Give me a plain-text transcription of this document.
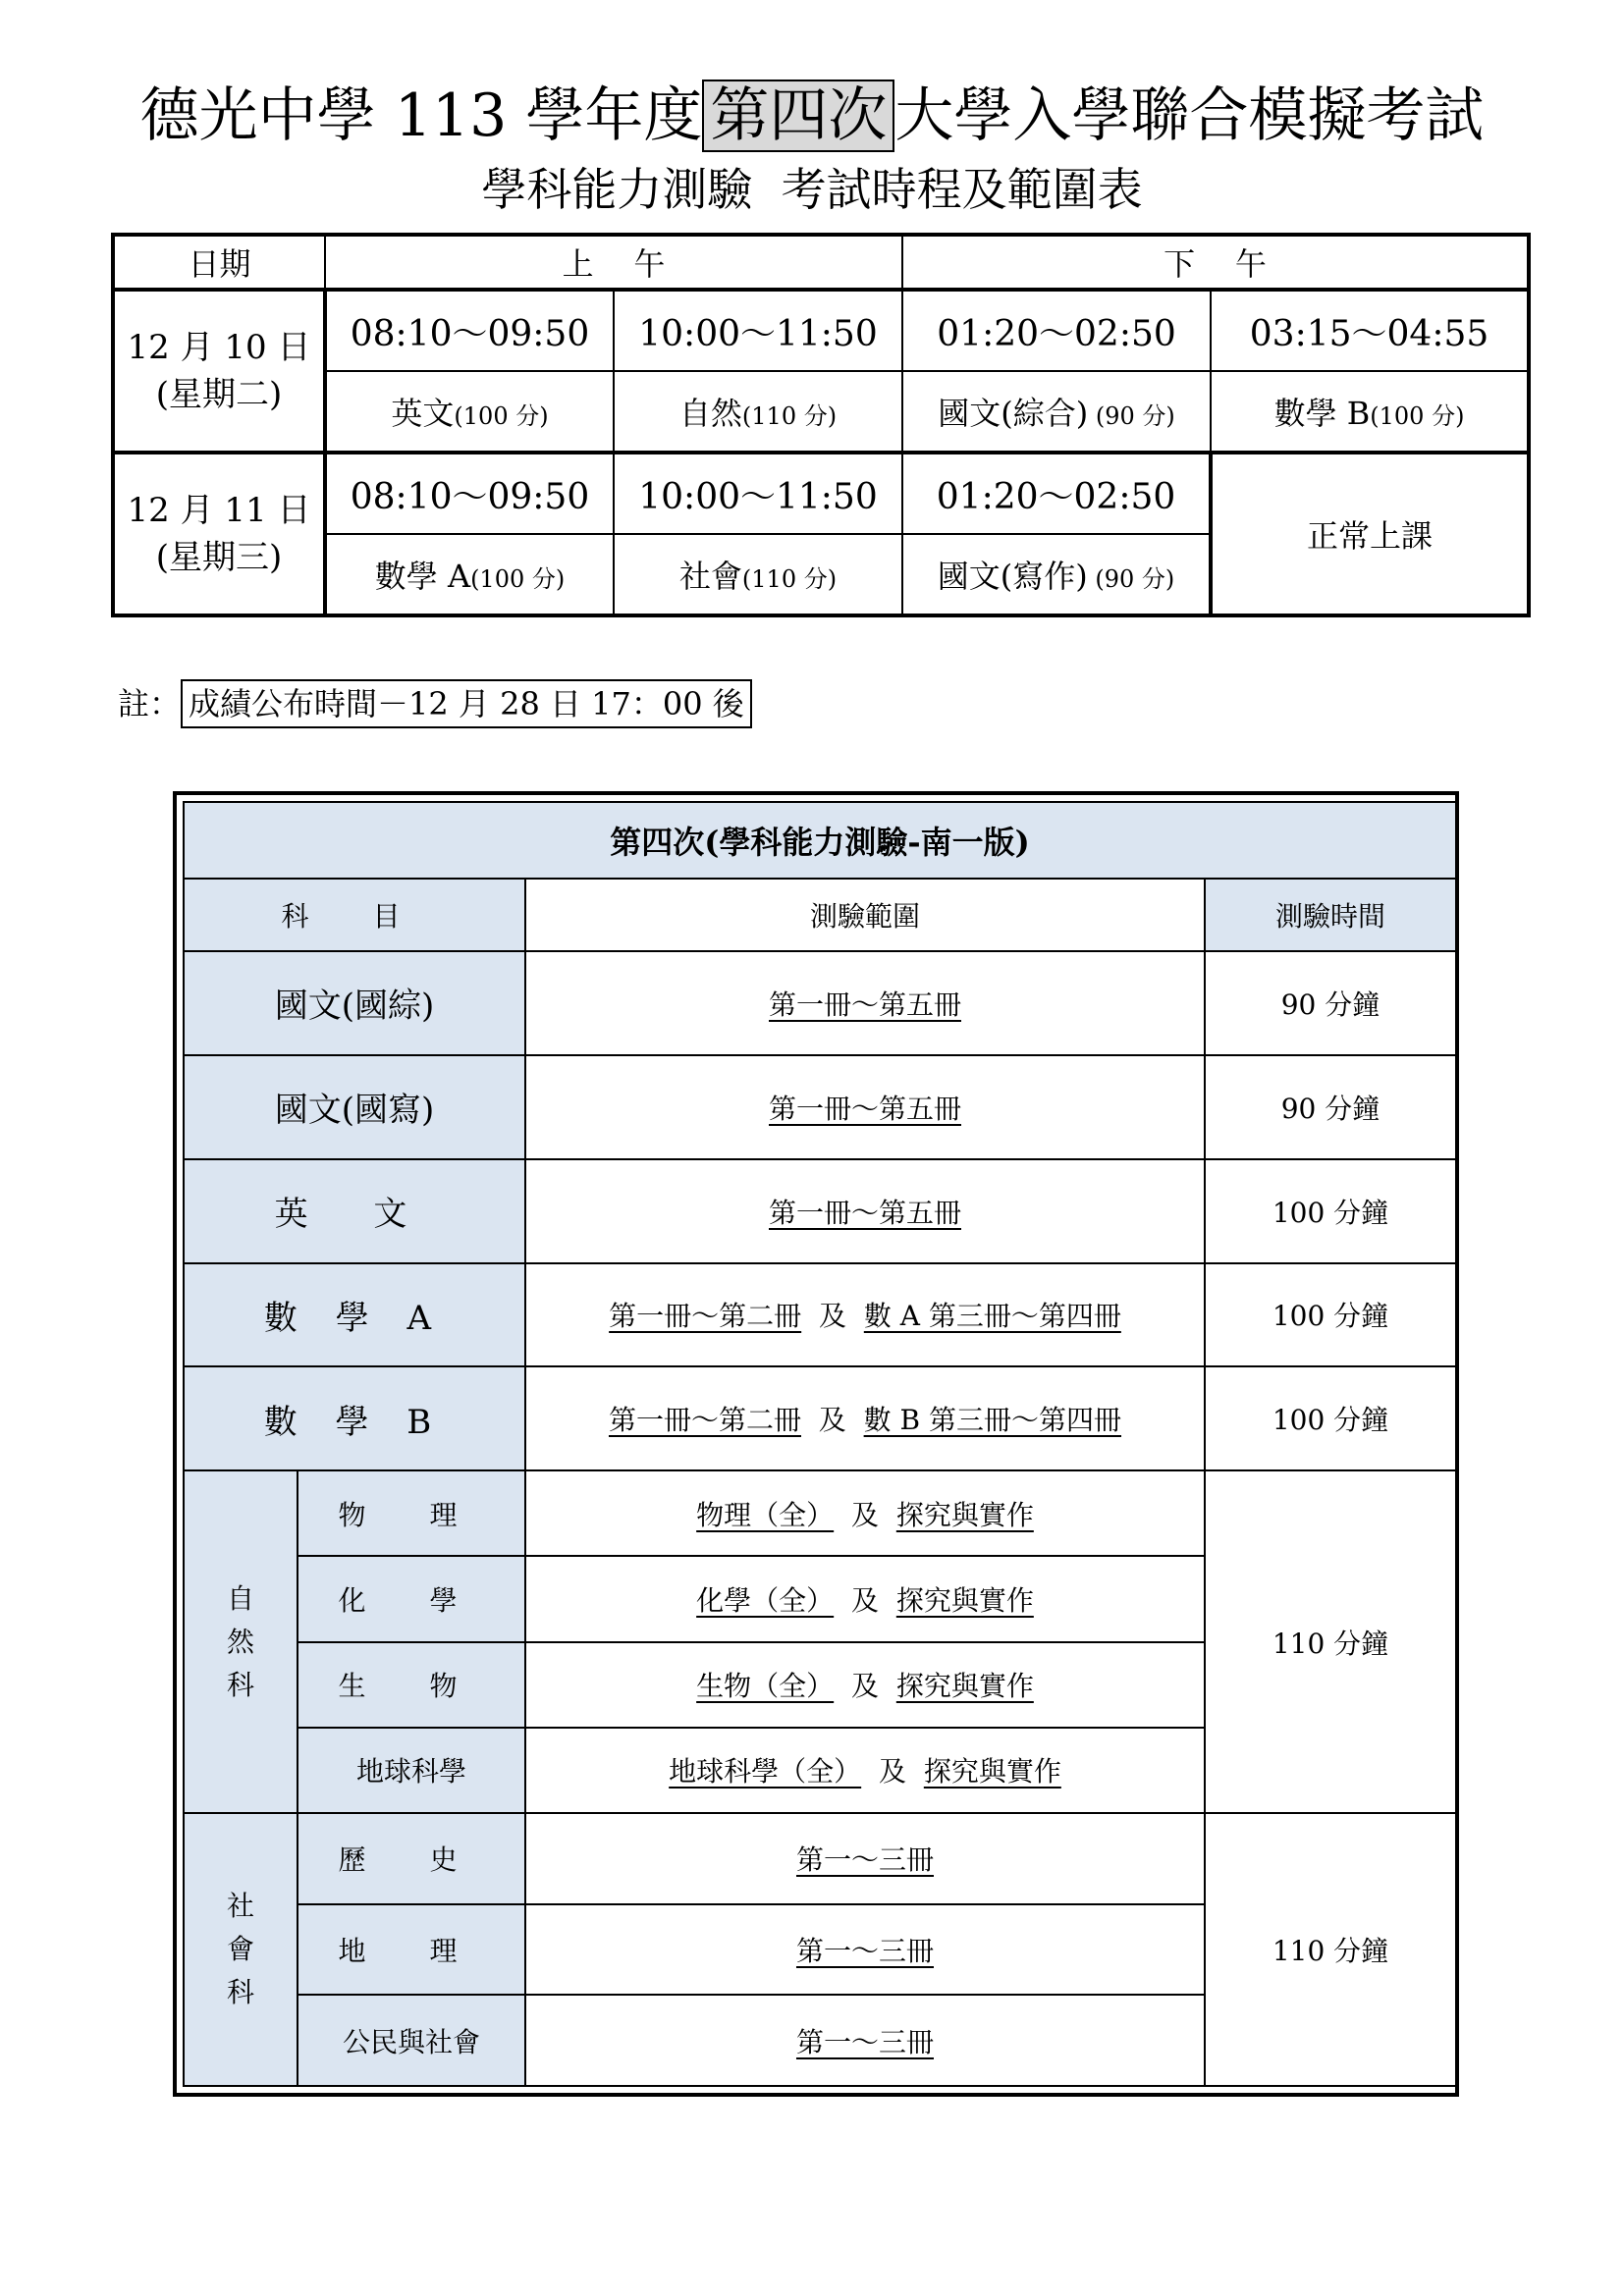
德光中學 113 學年度 第四次 大學入學聯合模擬考試
學科能力測驗  考試時程及範圍表
日期	上    午		下    午	

12 月 10 日
(星期二)	08:10～09:50	10:00～11:50	01:20～02:50	03:15～04:55
	英文(100 分)	自然(110 分)	國文(綜合) (90 分)	數學 B(100 分)

12 月 11 日
(星期三)	08:10～09:50	10:00～11:50	01:20～02:50	正常上課
	數學 A(100 分)	社會(110 分)	國文(寫作) (90 分)	
註： 成績公布時間－12 月 28 日 17：00 後
第四次(學科能力測驗-南一版)			
科 目		測驗範圍	測驗時間
國文(國綜)		第一冊～第五冊	90 分鐘
國文(國寫)		第一冊～第五冊	90 分鐘
英 文		第一冊～第五冊	100 分鐘
數 學 A		第一冊～第二冊 及 數 A 第三冊～第四冊	100 分鐘
數 學 B		第一冊～第二冊 及 數 B 第三冊～第四冊	100 分鐘
自
然
科	物 理	物理（全） 及 探究與實作	110 分鐘
	化 學	化學（全） 及 探究與實作	
	生 物	生物（全） 及 探究與實作	
	地球科學	地球科學（全） 及 探究與實作	
社
會
科	歷 史	第一～三冊	110 分鐘
	地 理	第一～三冊	
	公民與社會	第一～三冊	
